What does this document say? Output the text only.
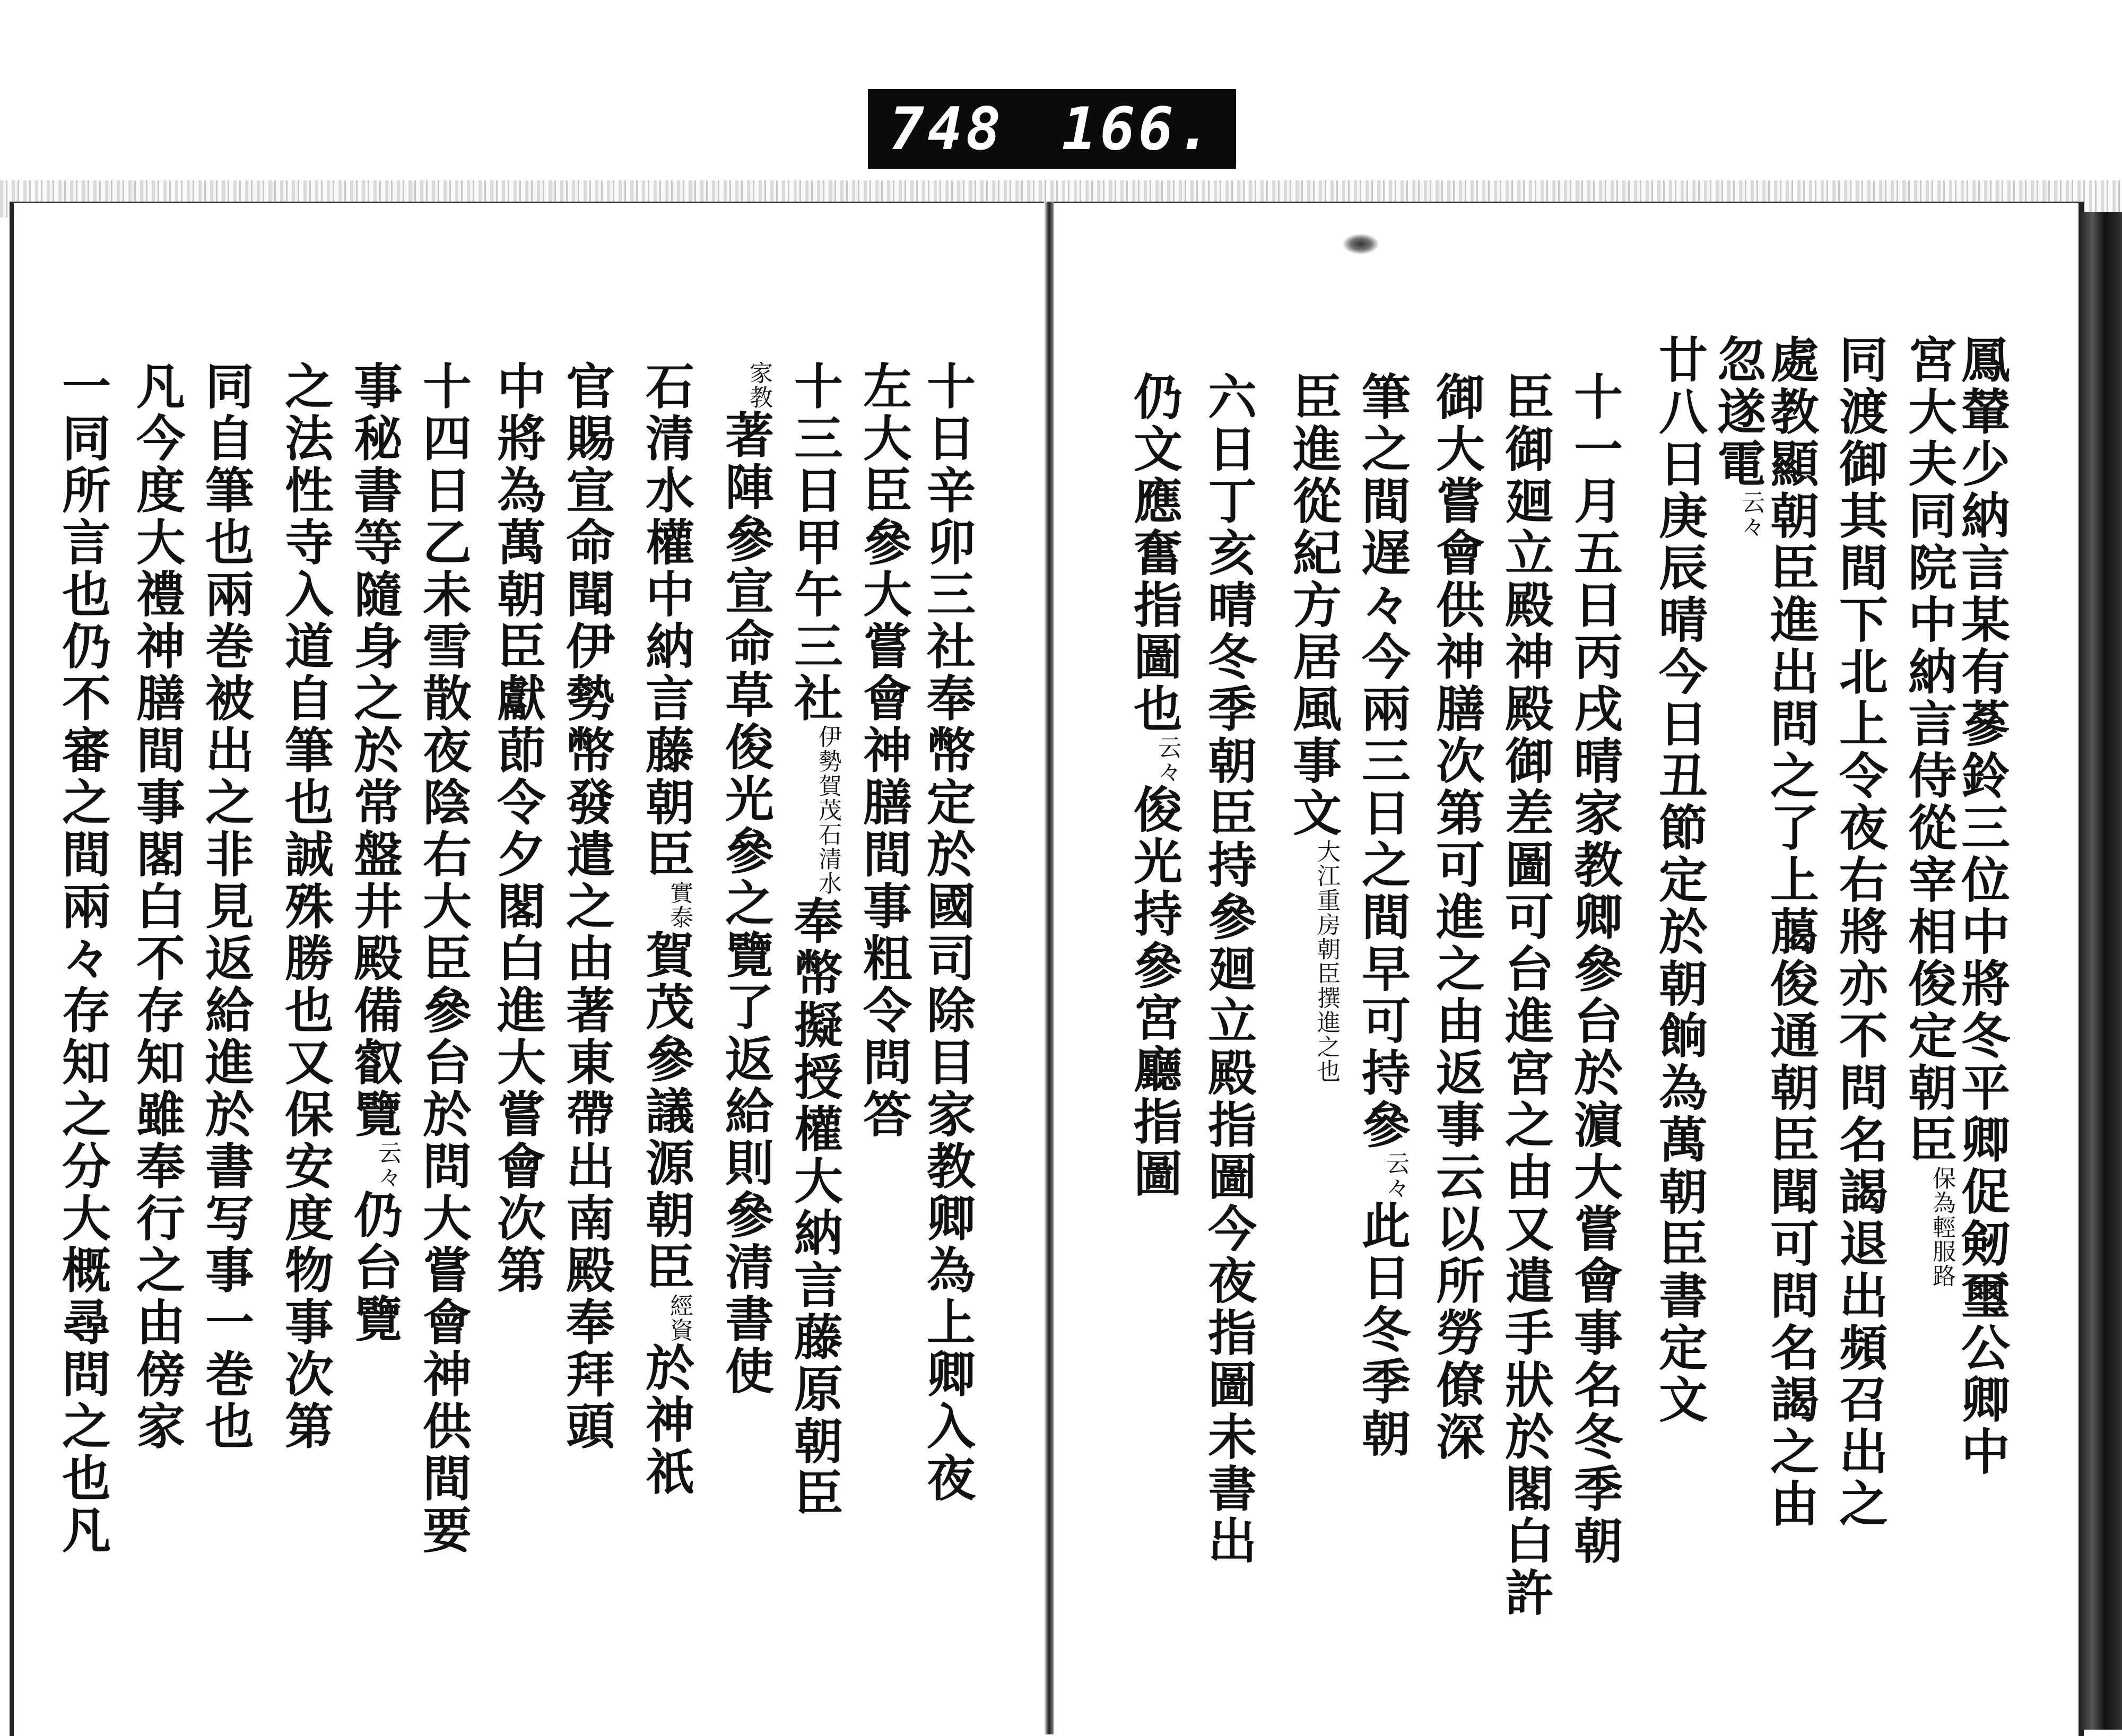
748 166.
鳳輦少納言某有蔘鈴三位中將冬平卿促剱璽公卿中
宮大夫同院中納言侍從宰相俊定朝臣保為輕服路
同渡御其間下北上令夜右將亦不問名謁退出頻召出之
處教顯朝臣進出問之了上﨟俊通朝臣聞可問名謁之由
忽遂電云々
廿八日庚辰晴今日丑節定於朝餉為萬朝臣書定文
十一月五日丙戌晴家教卿參台於濵大嘗會事名冬季朝
臣御廻立殿神殿御差圖可台進宮之由又遣手狀於閣白許
御大嘗會供神膳次第可進之由返事云以所勞僚深
筆之間遅々今兩三日之間早可持參云々此日冬季朝
臣進從紀方居風事文大江重房朝臣撰進之也
六日丁亥晴冬季朝臣持參廻立殿指圖今夜指圖未書出
仍文應奮指圖也云々俊光持參宮廳指圖
十日辛卯三社奉幣定於國司除目家教卿為上卿入夜
左大臣參大嘗會神膳間事粗令問答
十三日甲午三社伊勢賀茂石清水奉幣擬授權大納言藤原朝臣
家教著陣參宣命草俊光參之覽了返給則參清書使
石清水權中納言藤朝臣實泰賀茂參議源朝臣經資於神祇
官賜宣命聞伊勢幣發遣之由著東帶出南殿奉拜頭
中將為萬朝臣獻莭令夕閣白進大嘗會次第
十四日乙未雪散夜陰右大臣參台於問大嘗會神供間要
事秘書等隨身之於常盤井殿備叡覽云々仍台覽
之法性寺入道自筆也誠殊勝也又保安度物事次第
同自筆也兩巻被出之非見返給進於書写事一巻也
凡今度大禮神膳間事閣白不存知雖奉行之由傍家
一同所言也仍不審之間兩々存知之分大概尋問之也凡
